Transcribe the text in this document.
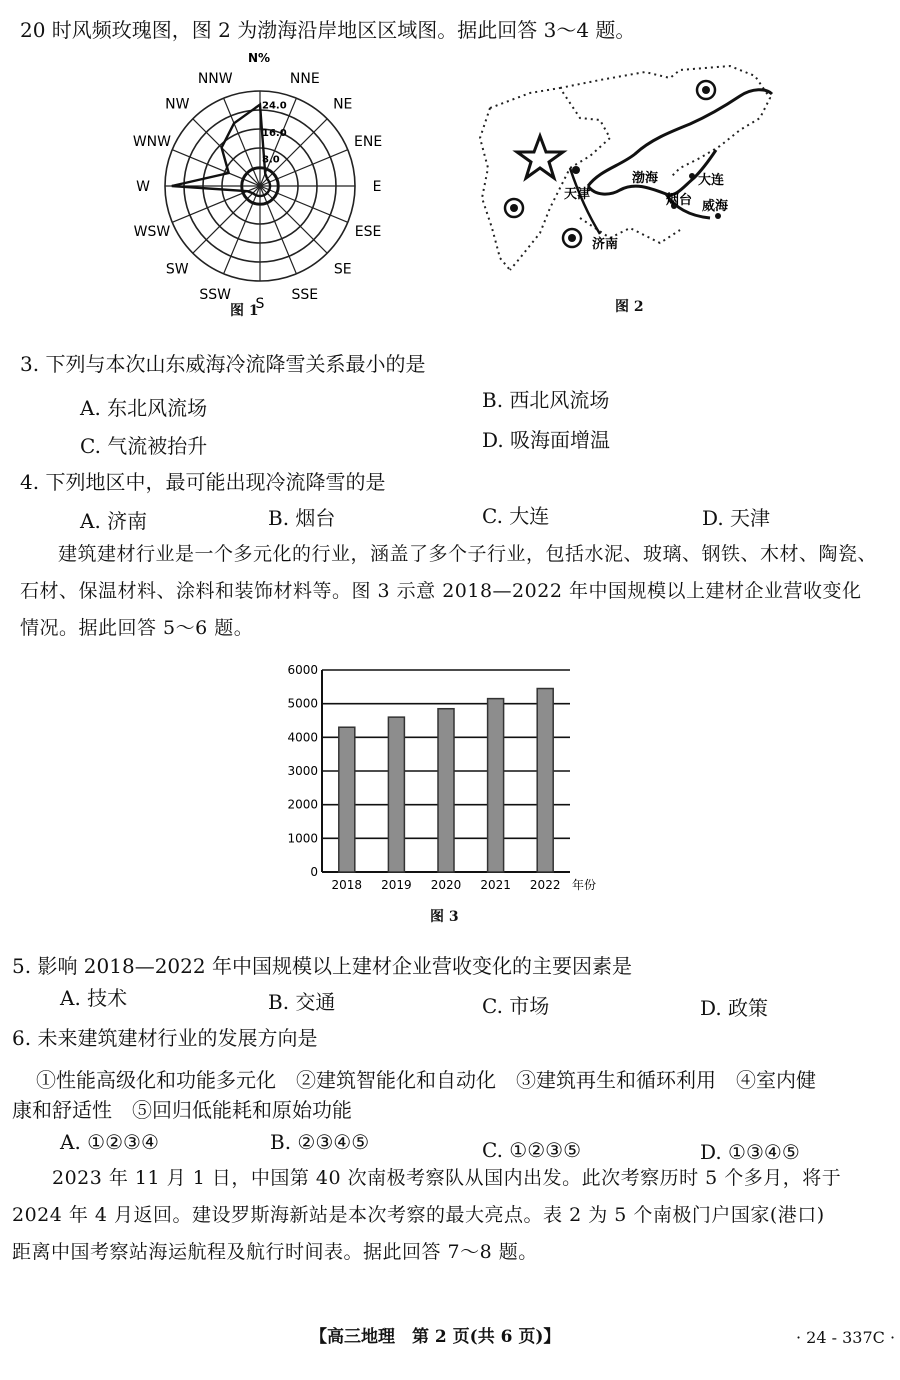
20 时风频玫瑰图，图 2 为渤海沿岸地区区域图。据此回答 3～4 题。
24.0
16.0
8.0
N%
NNE
NE
ENE
E
ESE
SE
SSE
S
SSW
SW
WSW
W
WNW
NW
NNW
图 1
渤海	大连
天津	烟台 威海
济南
图 2
3. 下列与本次山东威海冷流降雪关系最小的是
A. 东北风流场	B. 西北风流场
C. 气流被抬升	D. 吸海面增温
4. 下列地区中，最可能出现冷流降雪的是
A. 济南	B. 烟台	C. 大连	D. 天津
建筑建材行业是一个多元化的行业，涵盖了多个子行业，包括水泥、玻璃、钢铁、木材、陶瓷、
石材、保温材料、涂料和装饰材料等。图 3 示意 2018—2022 年中国规模以上建材企业营收变化
情况。据此回答 5～6 题。
0
1000
2000
3000
4000
5000
6000
2018 2019 2020 2021 2022 年份
图 3
5. 影响 2018—2022 年中国规模以上建材企业营收变化的主要因素是
A. 技术	B. 交通	C. 市场	D. 政策
6. 未来建筑建材行业的发展方向是
①性能高级化和功能多元化　②建筑智能化和自动化　③建筑再生和循环利用　④室内健
康和舒适性　⑤回归低能耗和原始功能
A. ①②③④	B. ②③④⑤	C. ①②③⑤	D. ①③④⑤
2023 年 11 月 1 日，中国第 40 次南极考察队从国内出发。此次考察历时 5 个多月，将于
2024 年 4 月返回。建设罗斯海新站是本次考察的最大亮点。表 2 为 5 个南极门户国家(港口)
距离中国考察站海运航程及航行时间表。据此回答 7～8 题。
【高三地理　第 2 页(共 6 页)】	· 24 - 337C ·
